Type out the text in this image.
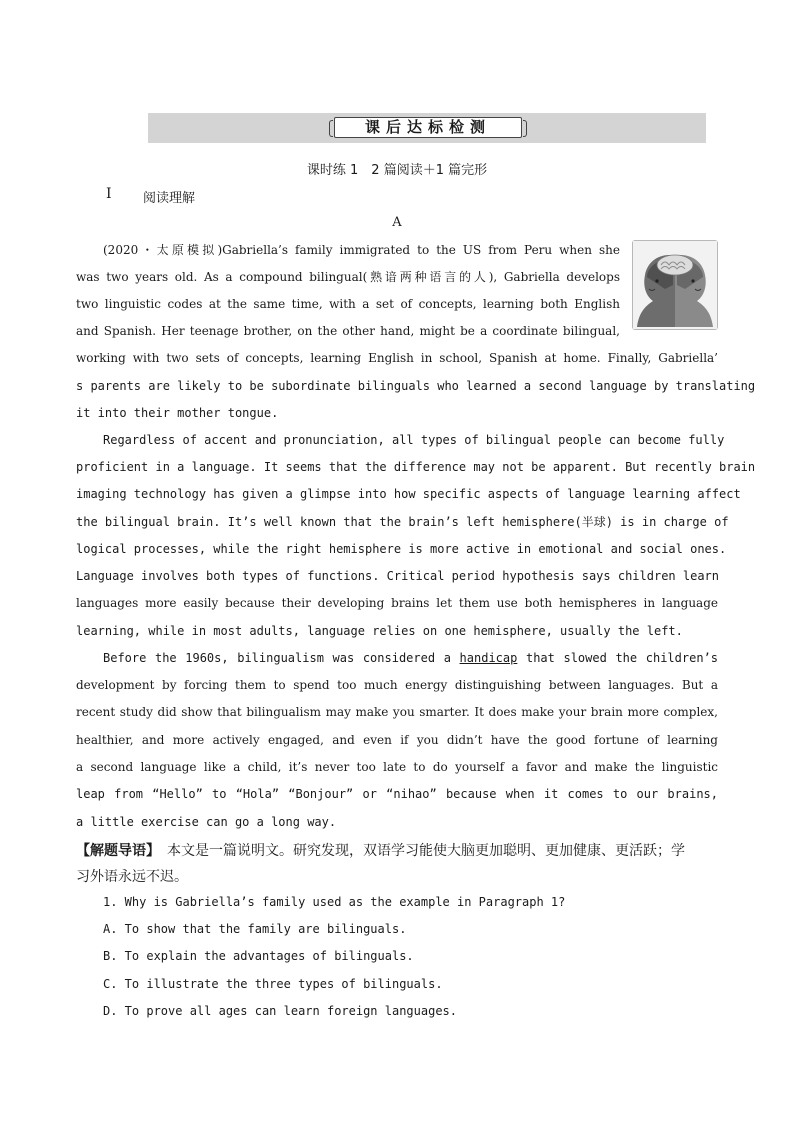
课后达标检测
课时练 1　2 篇阅读＋1 篇完形
Ⅰ 阅读理解
A
(2020・太原模拟)Gabriella’s family immigrated to the US from Peru when she
was two years old. As a compound bilingual(熟谙两种语言的人), Gabriella develops
two linguistic codes at the same time, with a set of concepts, learning both English
and Spanish. Her teenage brother, on the other hand, might be a coordinate bilingual,
working with two sets of concepts, learning English in school, Spanish at home. Finally, Gabriella’
s parents are likely to be subordinate bilinguals who learned a second language by translating
it into their mother tongue.
Regardless of accent and pronunciation, all types of bilingual people can become fully
proficient in a language. It seems that the difference may not be apparent. But recently brain
imaging technology has given a glimpse into how specific aspects of language learning affect
the bilingual brain. It’s well known that the brain’s left hemisphere(半球) is in charge of
logical processes, while the right hemisphere is more active in emotional and social ones.
Language involves both types of functions. Critical period hypothesis says children learn
languages more easily because their developing brains let them use both hemispheres in language
learning, while in most adults, language relies on one hemisphere, usually the left.
Before the 1960s, bilingualism was considered a handicap that slowed the children’s
development by forcing them to spend too much energy distinguishing between languages. But a
recent study did show that bilingualism may make you smarter. It does make your brain more complex,
healthier, and more actively engaged, and even if you didn’t have the good fortune of learning
a second language like a child, it’s never too late to do yourself a favor and make the linguistic
leap from “Hello” to “Hola” “Bonjour” or “nihao” because when it comes to our brains,
a little exercise can go a long way.
【解题导语】　本文是一篇说明文。研究发现，双语学习能使大脑更加聪明、更加健康、更活跃；学
习外语永远不迟。
1. Why is Gabriella’s family used as the example in Paragraph 1?
A. To show that the family are bilinguals.
B. To explain the advantages of bilinguals.
C. To illustrate the three types of bilinguals.
D. To prove all ages can learn foreign languages.
